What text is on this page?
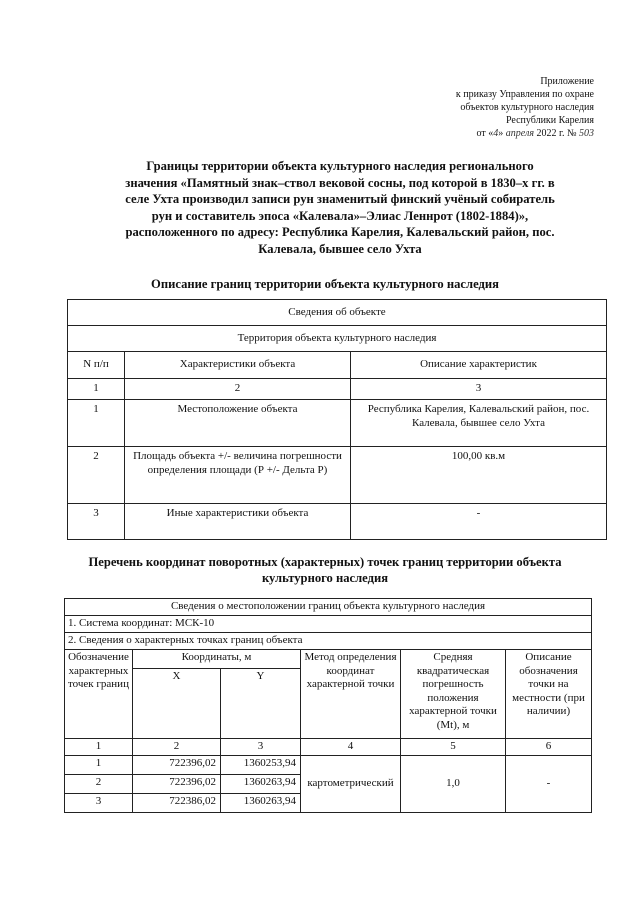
Приложение
к приказу Управления по охране
объектов культурного наследия
Республики Карелия
от «4» апреля 2022 г. № 503
Границы территории объекта культурного наследия регионального значения «Памятный знак–ствол вековой сосны, под которой в 1830–х гг. в селе Ухта производил записи рун знаменитый финский учёный собиратель рун и составитель эпоса «Калевала»–Элиас Леннрот (1802-1884)», расположенного по адресу: Республика Карелия, Калевальский район, пос. Калевала, бывшее село Ухта
Описание границ территории объекта культурного наследия
Сведения об объекте		
Территория объекта культурного наследия		
N п/п	Характеристики объекта	Описание характеристик
1	2	3
1	Местоположение объекта	Республика Карелия, Калевальский район, пос. Калевала, бывшее село Ухта
2	Площадь объекта +/- величина погрешности определения площади (Р +/- Дельта Р)	100,00 кв.м
3	Иные характеристики объекта	-
Перечень координат поворотных (характерных) точек границ территории объекта культурного наследия
Сведения о местоположении границ объекта культурного наследия					
1. Система координат: МСК-10					
2. Сведения о характерных точках границ объекта					
Обозначение характерных точек границ	Координаты, м		Метод определения координат характерной точки	Средняя квадратическая погрешность положения характерной точки (Mt), м	Описание обозначения точки на местности (при наличии)
	X	Y			
1	2	3	4	5	6
1	722396,02	1360253,94	картометрический	1,0	-
2	722396,02	1360263,94			
3	722386,02	1360263,94			
